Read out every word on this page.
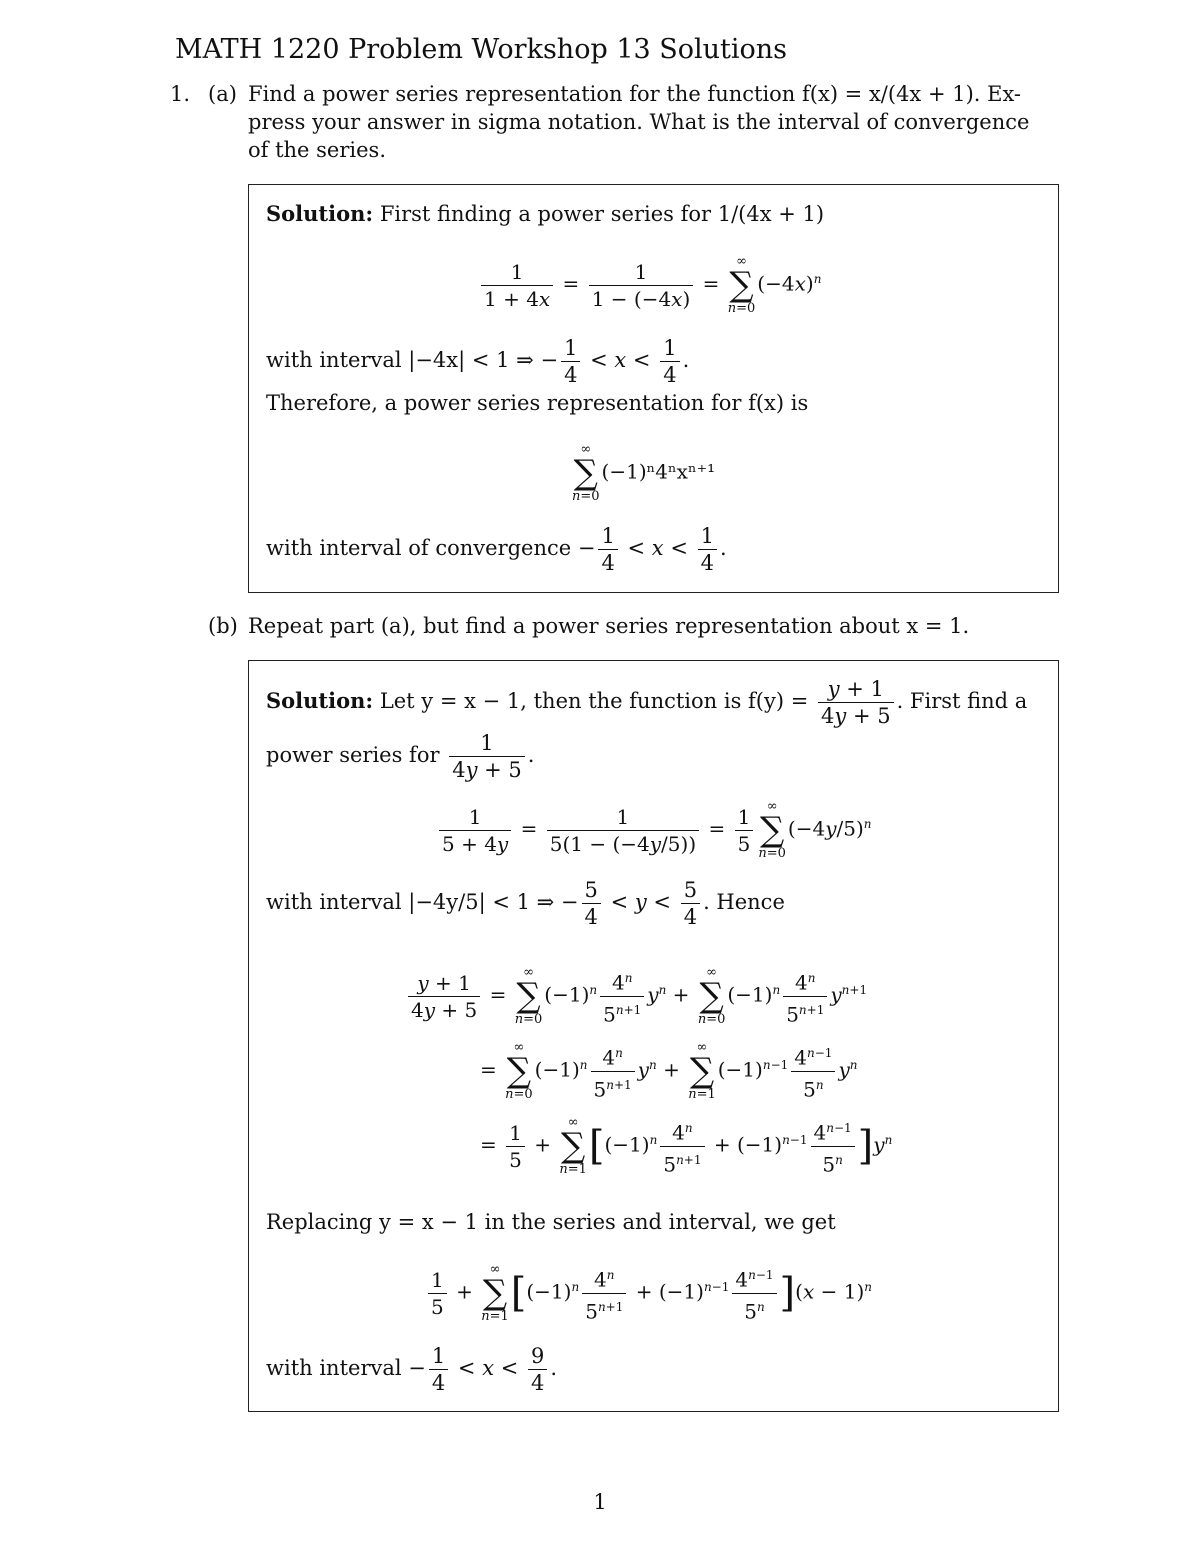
MATH 1220 Problem Workshop 13 Solutions
1. (a) Find a power series representation for the function f(x) = x/(4x + 1). Ex-
press your answer in sigma notation. What is the interval of convergence
of the series.
Solution: First finding a power series for 1/(4x + 1)
$\frac{1}{1 + 4x} = \frac{1}{1 - (-4x)}$ =
∞
∑
n=0
$(-4x)^n$
with interval |−4x| < 1 ⇒ − $\frac{1}{4} < x < \frac{1}{4}$ .
Therefore, a power series representation for f(x) is
∞
∑
n=0
(−1)ⁿ4ⁿxⁿ⁺¹
with interval of convergence − $\frac{1}{4} < x < \frac{1}{4}$ .
(b) Repeat part (a), but find a power series representation about x = 1.
Solution: Let y = x − 1, then the function is $f(y) = \frac{y + 1}{4y + 5}$ . First find a
power series for $\frac{1}{4y + 5}$ .
$\frac{1}{5 + 4y} = \frac{1}{5(1 - (-4y/5))} = \frac{1}{5}$	∞
∑
n=0
$(-4y/5)^n$
with interval |−4y/5| < 1 ⇒ − $\frac{5}{4} < y < \frac{5}{4}$ . Hence
$\frac{y + 1}{4y + 5}$ =
∞
∑
n=0
$(-1)^n \frac{4^n}{5^{n+1}} y^n$ +
∞
∑
n=0
$(-1)^n \frac{4^n}{5^{n+1}} y^{n+1}$
=
∞
∑
n=0
$(-1)^n \frac{4^n}{5^{n+1}} y^n$ +
∞
∑
n=1
$(-1)^{n-1} \frac{4^{n-1}}{5^n} y^n$
= $\frac{1}{5}$ +
∞
∑
n=1
$[(-1)^n \frac{4^n}{5^{n+1}} + (-1)^{n-1} \frac{4^{n-1}}{5^n} ]y^n$
Replacing y = x − 1 in the series and interval, we get
$\frac{1}{5}$ +
∞
∑
n=1
$[(-1)^n \frac{4^n}{5^{n+1}} + (-1)^{n-1} \frac{4^{n-1}}{5^n} ](x - 1)^n$
with interval − $\frac{1}{4} < x < \frac{9}{4}$ .
1
